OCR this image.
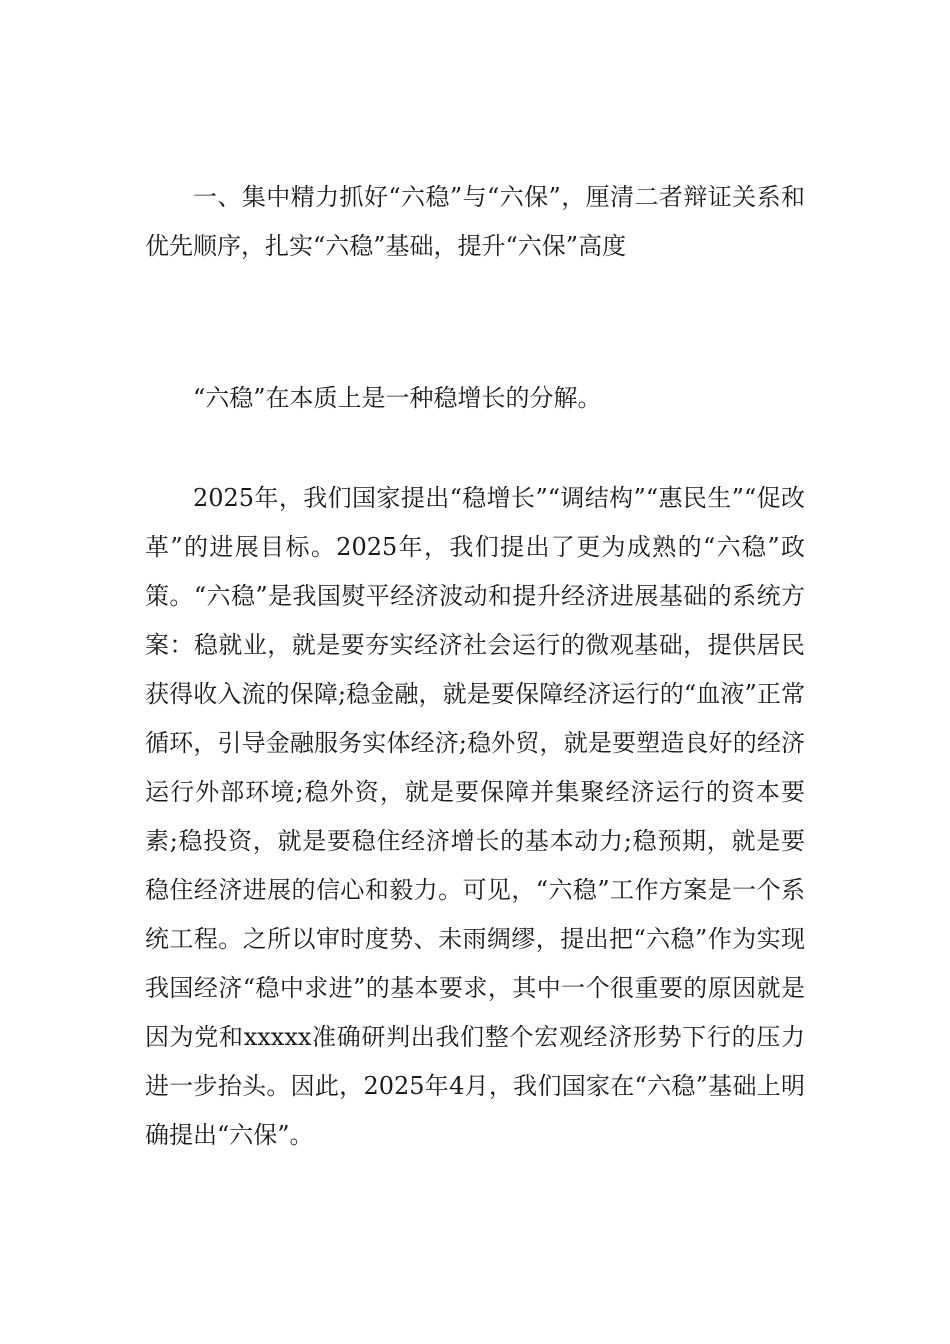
一、集中精力抓好“六稳”与“六保”，厘清二者辩证关系和优先顺序，扎实“六稳”基础，提升“六保”高度

“六稳”在本质上是一种稳增长的分解。

2025年，我们国家提出“稳增长”“调结构”“惠民生”“促改革”的进展目标。2025年，我们提出了更为成熟的“六稳”政策。“六稳”是我国熨平经济波动和提升经济进展基础的系统方案：稳就业，就是要夯实经济社会运行的微观基础，提供居民获得收入流的保障;稳金融，就是要保障经济运行的“血液”正常循环，引导金融服务实体经济;稳外贸，就是要塑造良好的经济运行外部环境;稳外资，就是要保障并集聚经济运行的资本要素;稳投资，就是要稳住经济增长的基本动力;稳预期，就是要稳住经济进展的信心和毅力。可见，“六稳”工作方案是一个系统工程。之所以审时度势、未雨绸缪，提出把“六稳”作为实现我国经济“稳中求进”的基本要求，其中一个很重要的原因就是因为党和xxxxx准确研判出我们整个宏观经济形势下行的压力进一步抬头。因此，2025年4月，我们国家在“六稳”基础上明确提出“六保”。
